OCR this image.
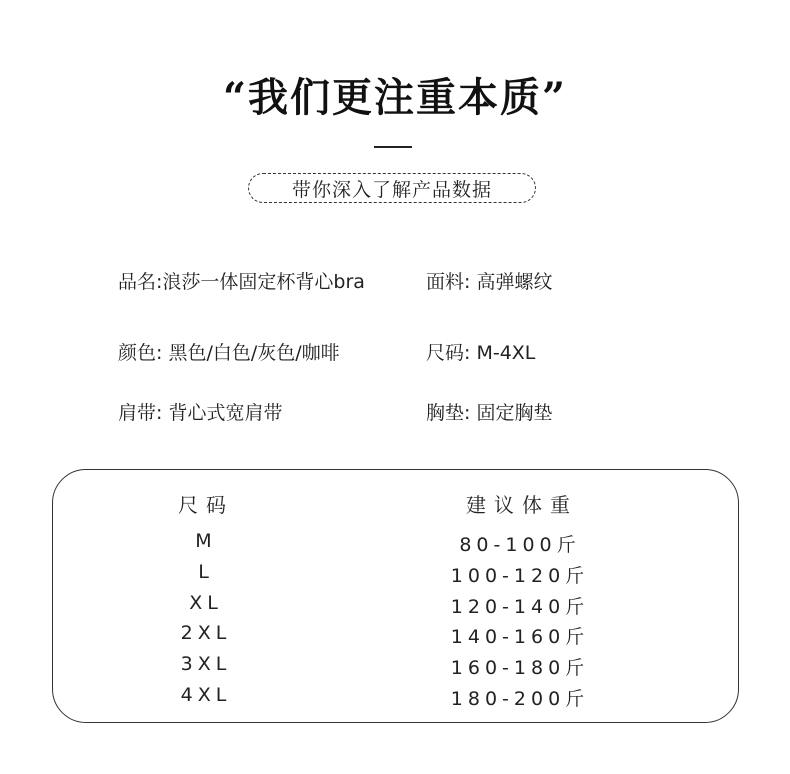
“我们更注重本质”
带你深入了解产品数据
品名:浪莎一体固定杯背心bra	面料: 高弹螺纹
颜色: 黑色/白色/灰色/咖啡	尺码: M-4XL
肩带: 背心式宽肩带	胸垫: 固定胸垫
尺码	建议体重
M	80-100斤
L	100-120斤
XL	120-140斤
2XL	140-160斤
3XL	160-180斤
4XL	180-200斤
